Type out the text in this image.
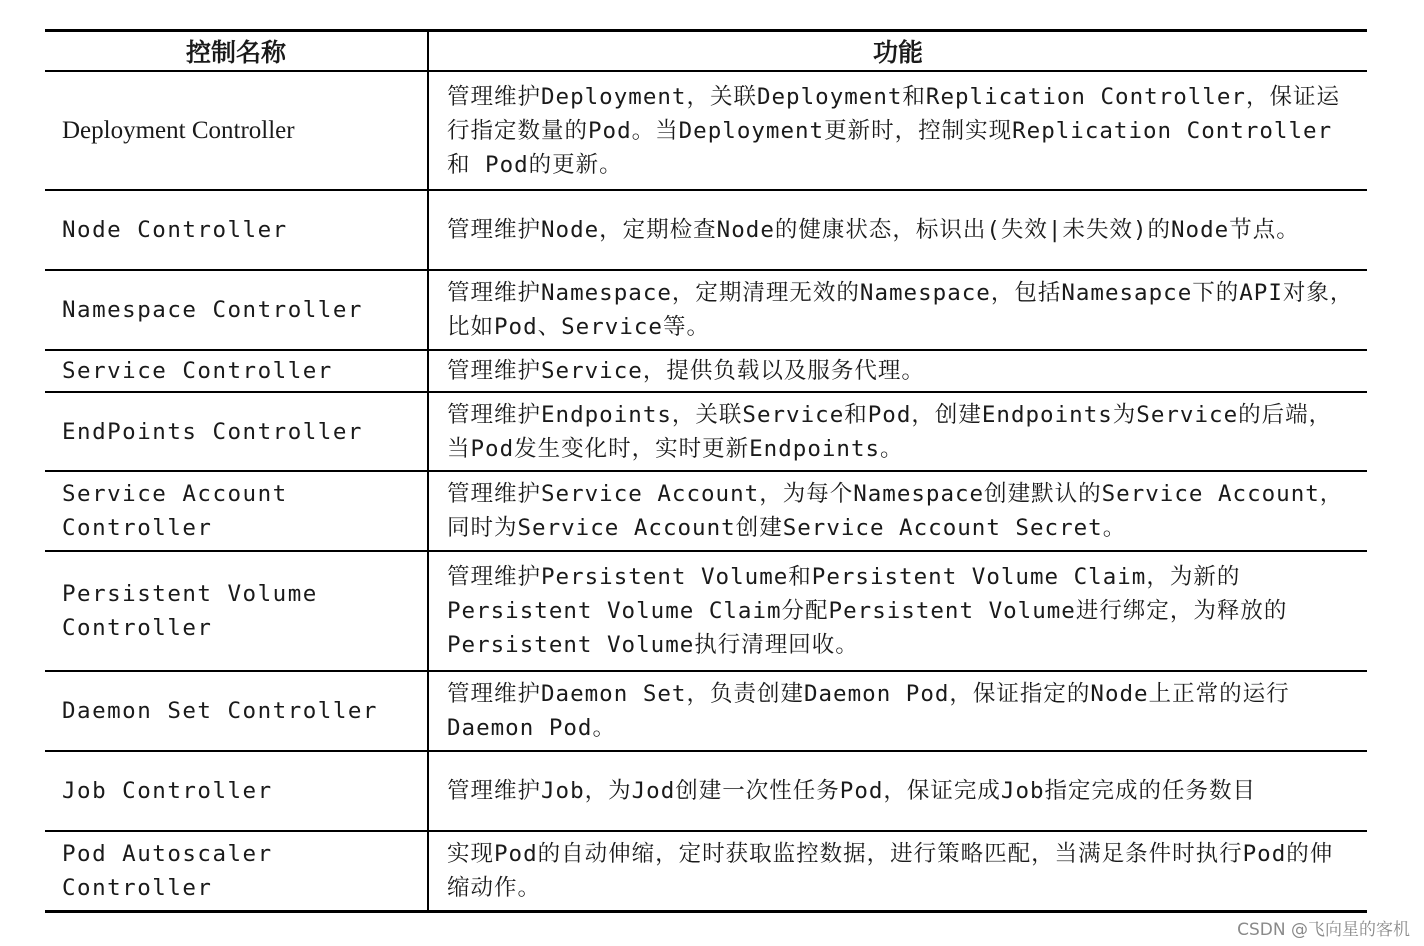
控制名称	功能
Deployment Controller	管理维护Deployment，关联Deployment和Replication Controller，保证运行指定数量的Pod。当Deployment更新时，控制实现Replication Controller和 Pod的更新。
Node Controller	管理维护Node，定期检查Node的健康状态，标识出(失效|未失效)的Node节点。
Namespace Controller	管理维护Namespace，定期清理无效的Namespace，包括Namesapce下的API对象，比如Pod、Service等。
Service Controller	管理维护Service，提供负载以及服务代理。
EndPoints Controller	管理维护Endpoints，关联Service和Pod，创建Endpoints为Service的后端，当Pod发生变化时，实时更新Endpoints。
Service Account Controller	管理维护Service Account，为每个Namespace创建默认的Service Account，同时为Service Account创建Service Account Secret。
Persistent Volume Controller	管理维护Persistent Volume和Persistent Volume Claim，为新的Persistent Volume Claim分配Persistent Volume进行绑定，为释放的Persistent Volume执行清理回收。
Daemon Set Controller	管理维护Daemon Set，负责创建Daemon Pod，保证指定的Node上正常的运行Daemon Pod。
Job Controller	管理维护Job，为Jod创建一次性任务Pod，保证完成Job指定完成的任务数目
Pod Autoscaler Controller	实现Pod的自动伸缩，定时获取监控数据，进行策略匹配，当满足条件时执行Pod的伸缩动作。
CSDN @飞向星的客机
